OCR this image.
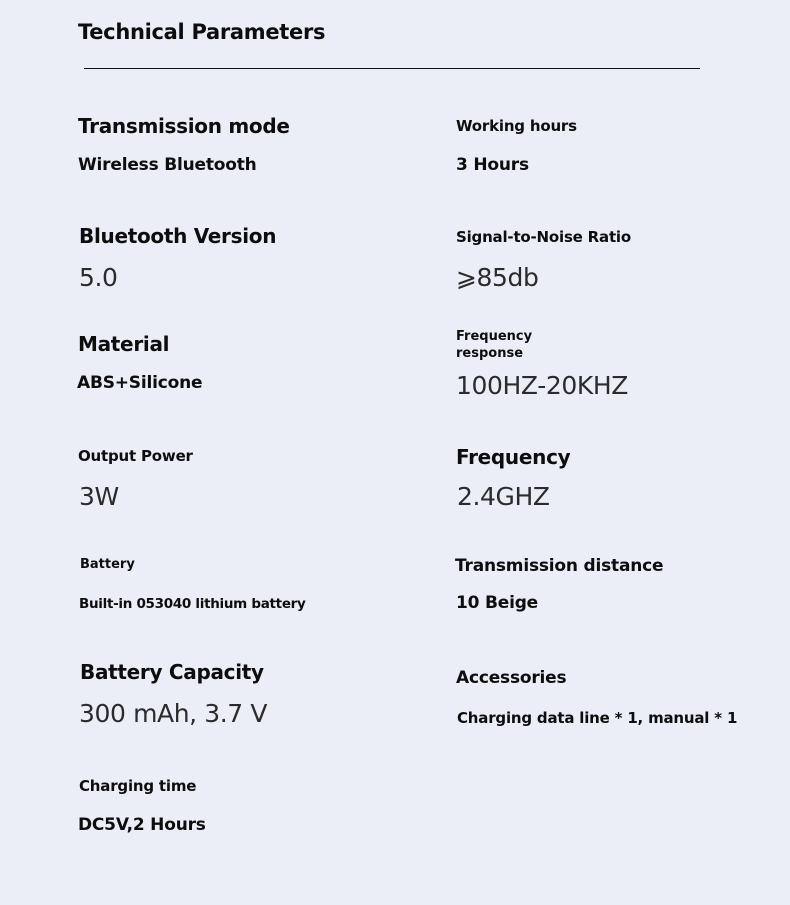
Technical Parameters
Transmission mode
Wireless Bluetooth
Bluetooth Version
5.0
Material
ABS+Silicone
Output Power
3W
Battery
Built-in 053040 lithium battery
Battery Capacity
300 mAh, 3.7 V
Charging time
DC5V,2 Hours
Working hours
3 Hours
Signal-to-Noise Ratio
⩾85db
Frequency
response
100HZ-20KHZ
Frequency
2.4GHZ
Transmission distance
10 Beige
Accessories
Charging data line * 1, manual * 1
